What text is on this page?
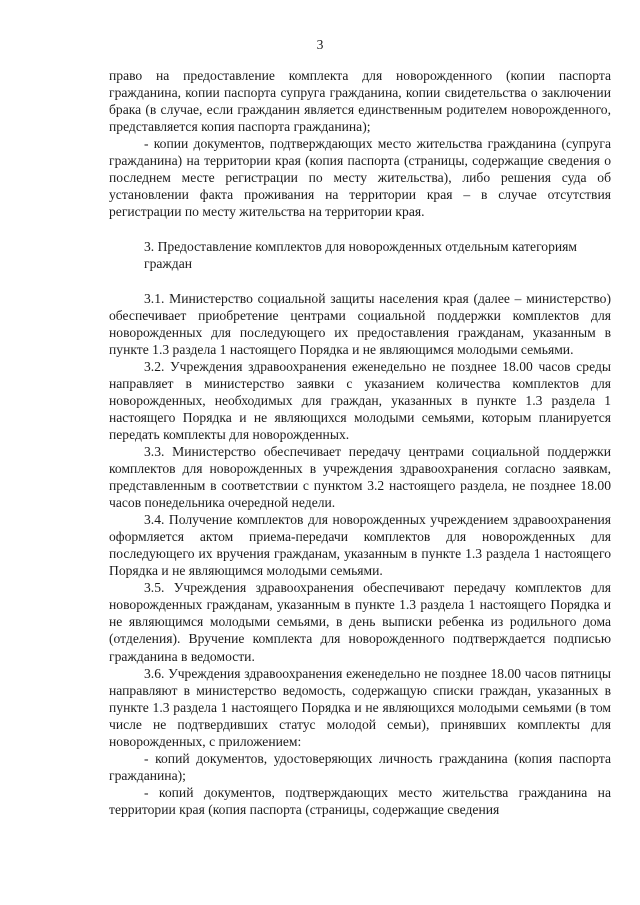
3

право на предоставление комплекта для новорожденного (копии паспорта гражданина, копии паспорта супруга гражданина, копии свидетельства о заключении брака (в случае, если гражданин является единственным родителем новорожденного, представляется копия паспорта гражданина);

- копии документов, подтверждающих место жительства гражданина (супруга гражданина) на территории края (копия паспорта (страницы, содержащие сведения о последнем месте регистрации по месту жительства), либо решения суда об установлении факта проживания на территории края – в случае отсутствия регистрации по месту жительства на территории края.

3. Предоставление комплектов для новорожденных отдельным категориям граждан

3.1. Министерство социальной защиты населения края (далее – министерство) обеспечивает приобретение центрами социальной поддержки комплектов для новорожденных для последующего их предоставления гражданам, указанным в пункте 1.3 раздела 1 настоящего Порядка и не являющимся молодыми семьями.

3.2. Учреждения здравоохранения еженедельно не позднее 18.00 часов среды направляет в министерство заявки с указанием количества комплектов для новорожденных, необходимых для граждан, указанных в пункте 1.3 раздела 1 настоящего Порядка и не являющихся молодыми семьями, которым планируется передать комплекты для новорожденных.

3.3. Министерство обеспечивает передачу центрами социальной поддержки комплектов для новорожденных в учреждения здравоохранения согласно заявкам, представленным в соответствии с пунктом 3.2 настоящего раздела, не позднее 18.00 часов понедельника очередной недели.

3.4. Получение комплектов для новорожденных учреждением здравоохранения оформляется актом приема-передачи комплектов для новорожденных для последующего их вручения гражданам, указанным в пункте 1.3 раздела 1 настоящего Порядка и не являющимся молодыми семьями.

3.5. Учреждения здравоохранения обеспечивают передачу комплектов для новорожденных гражданам, указанным в пункте 1.3 раздела 1 настоящего Порядка и не являющимся молодыми семьями, в день выписки ребенка из родильного дома (отделения). Вручение комплекта для новорожденного подтверждается подписью гражданина в ведомости.

3.6. Учреждения здравоохранения еженедельно не позднее 18.00 часов пятницы направляют в министерство ведомость, содержащую списки граждан, указанных в пункте 1.3 раздела 1 настоящего Порядка и не являющихся молодыми семьями (в том числе не подтвердивших статус молодой семьи), принявших комплекты для новорожденных, с приложением:

- копий документов, удостоверяющих личность гражданина (копия паспорта гражданина);

- копий документов, подтверждающих место жительства гражданина на территории края (копия паспорта (страницы, содержащие сведения
